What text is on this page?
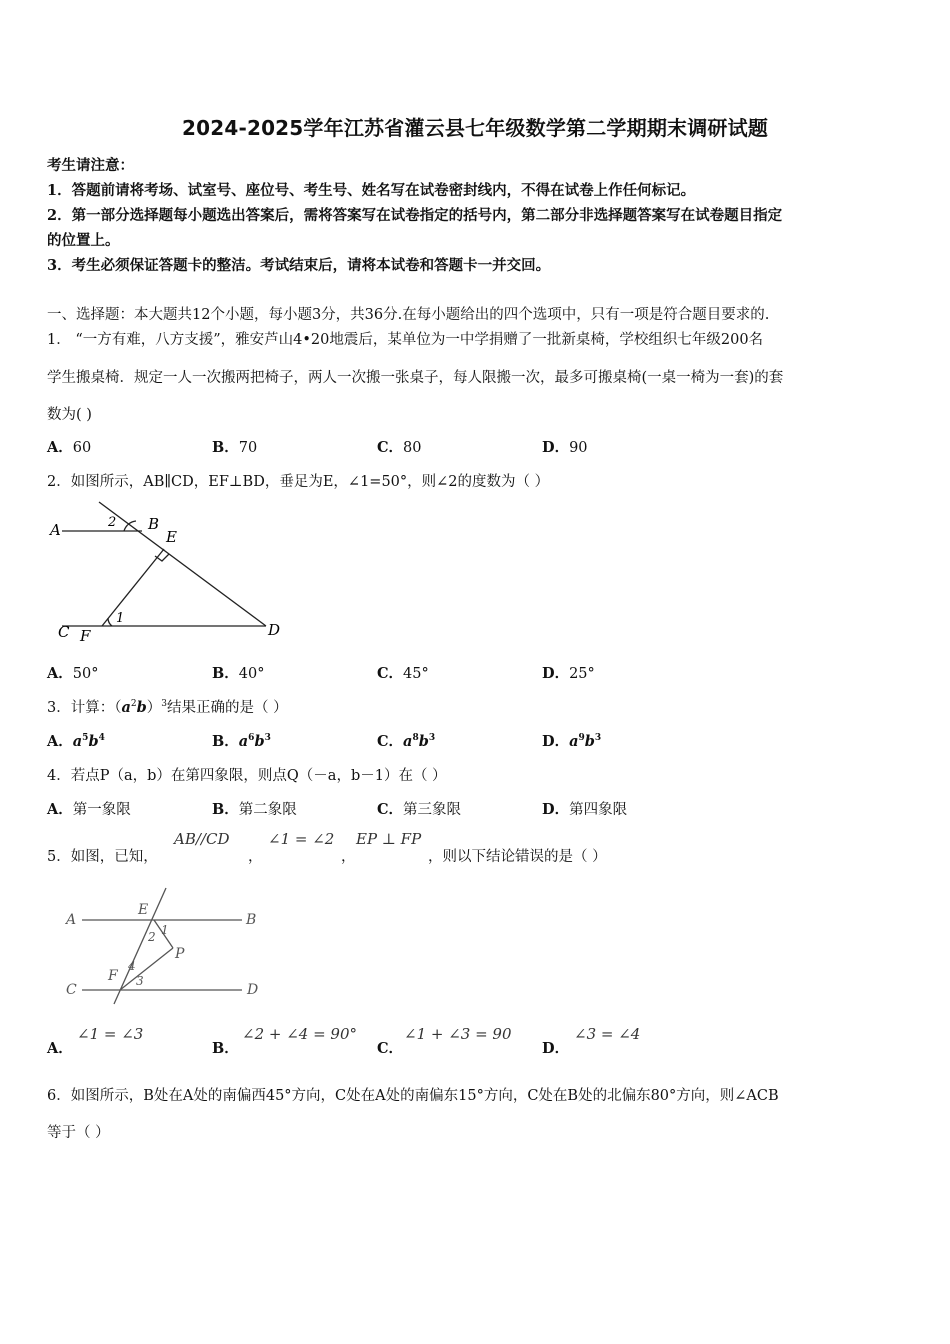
2024-2025学年江苏省灌云县七年级数学第二学期期末调研试题
考生请注意：
1．答题前请将考场、试室号、座位号、考生号、姓名写在试卷密封线内，不得在试卷上作任何标记。
2．第一部分选择题每小题选出答案后，需将答案写在试卷指定的括号内，第二部分非选择题答案写在试卷题目指定
的位置上。
3．考生必须保证答题卡的整洁。考试结束后，请将本试卷和答题卡一并交回。
一、选择题：本大题共12个小题，每小题3分，共36分.在每小题给出的四个选项中，只有一项是符合题目要求的.
1． “一方有难，八方支援”，雅安芦山4•20地震后，某单位为一中学捐赠了一批新桌椅，学校组织七年级200名
学生搬桌椅．规定一人一次搬两把椅子，两人一次搬一张桌子，每人限搬一次，最多可搬桌椅(一桌一椅为一套)的套
数为( )
A．60	B．70	C．80	D．90
2．如图所示，AB∥CD，EF⊥BD，垂足为E，∠1=50°，则∠2的度数为（ ）
A	B
E
C F	D
1
2
A．50°	B．40°	C．45°	D．25°
3．计算：$(a^2b)^3$结果正确的是（ ）
A．$a^5b^4$	B．$a^6b^3$	C．$a^8b^3$	D．$a^9b^3$
4．若点P（a，b）在第四象限，则点Q（－a，b－1）在（ ）
A．第一象限	B．第二象限	C．第三象限	D．第四象限
5．如图，已知，
AB//CD
，
∠1 = ∠2
，
EP ⊥ FP
，则以下结论错误的是（ ）
A
E
B
C
F
D
P
1
2
3
4
A．
∠1 = ∠3
B．
∠2 + ∠4 = 90°
C．
∠1 + ∠3 = 90
D．
∠3 = ∠4
6．如图所示，B处在A处的南偏西45°方向，C处在A处的南偏东15°方向，C处在B处的北偏东80°方向，则∠ACB
等于（ ）
